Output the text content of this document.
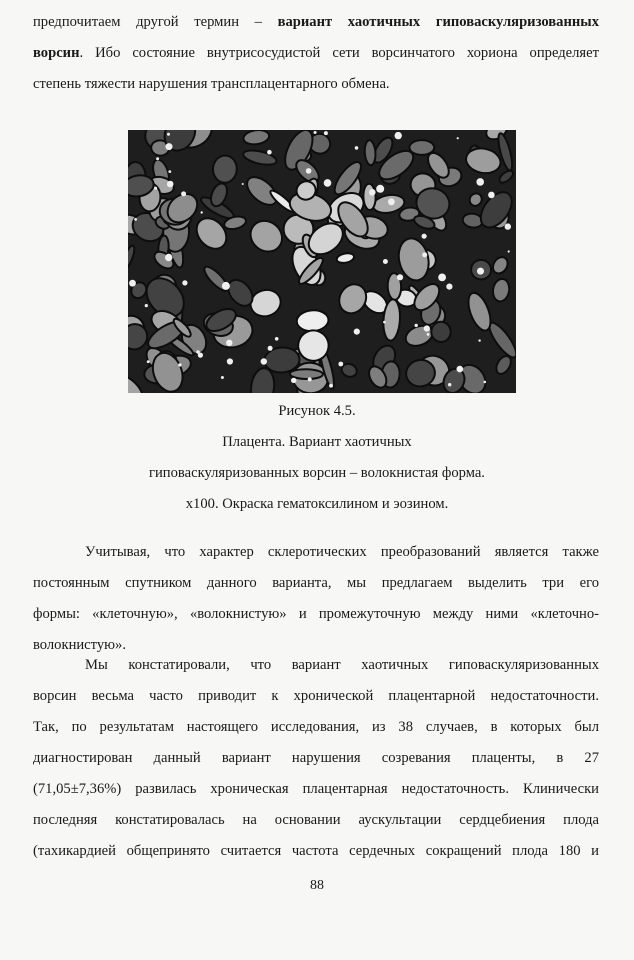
предпочитаем другой термин – вариант хаотичных гиповаскуляризованных
ворсин. Ибо состояние внутрисосудистой сети ворсинчатого хориона определяет
степень тяжести нарушения трансплацентарного обмена.
Рисунок 4.5.
Плацента. Вариант хаотичных
гиповаскуляризованных ворсин – волокнистая форма.
x100. Окраска гематоксилином и эозином.
Учитывая, что характер склеротических преобразований является также
постоянным спутником данного варианта, мы предлагаем выделить три его
формы: «клеточную», «волокнистую» и промежуточную между ними «клеточно-
волокнистую».
Мы констатировали, что вариант хаотичных гиповаскуляризованных
ворсин весьма часто приводит к хронической плацентарной недостаточности.
Так, по результатам настоящего исследования, из 38 случаев, в которых был
диагностирован данный вариант нарушения созревания плаценты, в 27
(71,05±7,36%) развилась хроническая плацентарная недостаточность. Клинически
последняя констатировалась на основании аускультации сердцебиения плода
(тахикардией общепринято считается частота сердечных сокращений плода 180 и
88
